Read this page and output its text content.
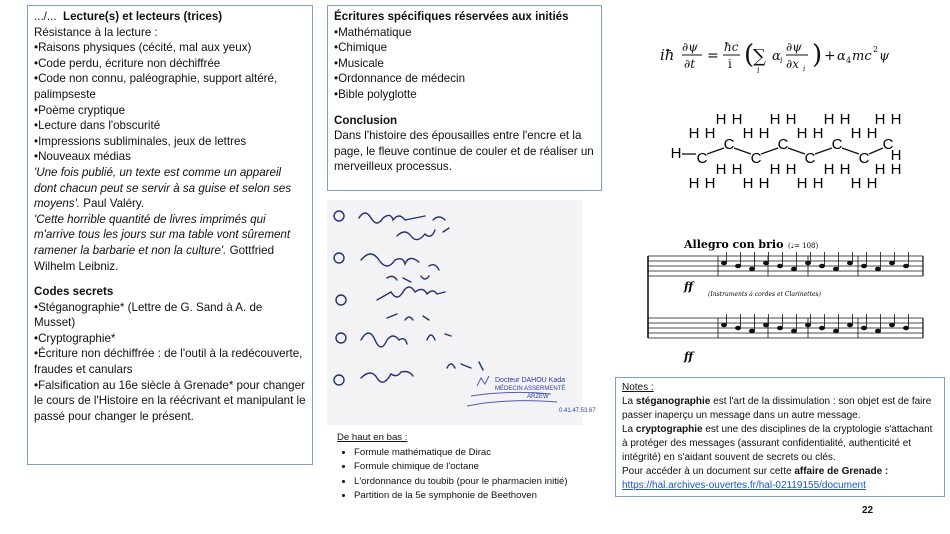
.../... Lecture(s) et lecteurs (trices)
Résistance à la lecture :
• Raisons physiques (cécité, mal aux yeux)
• Code perdu, écriture non déchiffrée
• Code non connu, paléographie, support altéré, palimpseste
• Poème cryptique
• Lecture dans l'obscurité
• Impressions subliminales, jeux de lettres
• Nouveaux médias
'Une fois publié, un texte est comme un appareil dont chacun peut se servir à sa guise et selon ses moyens'. Paul Valéry.
'Cette horrible quantité de livres imprimés qui m'arrive tous les jours sur ma table vont sûrement ramener la barbarie et non la culture'. Gottfried Wilhelm Leibniz.
Codes secrets
• Stéganographie* (Lettre de G. Sand à A. de Musset)
• Cryptographie*
• Écriture non déchiffrée : de l'outil à la redécouverte, fraudes et canulars
• Falsification au 16e siècle à Grenade* pour changer le cours de l'Histoire en la réécrivant et manipulant le passé pour changer le présent.
Écritures spécifiques réservées aux initiés
• Mathématique
• Chimique
• Musicale
• Ordonnance de médecin
• Bible polyglotte
Conclusion
Dans l'histoire des épousailles entre l'encre et la page, le fleuve continue de couler et de réaliser un merveilleux processus.
Docteur DAHOU Kada
MÉDECIN ASSERMENTÉ
ARZEW
0.41.47.53.67
De haut en bas :
• Formule mathématique de Dirac
• Formule chimique de l'octane
• L'ordonnance du toubib (pour le pharmacien initié)
• Partition de la 5e symphonie de Beethoven
iħ ∂ψ
∂t =
ħc
i (
∑
i
α i
∂ψ
∂x i ) + α 4 mc 2 ψ
H C
H H
H H
C
H H
H H
C
H H
H H
C
H H
H H
C
H H
H H
C
H H
H H
C
H H
H H
C
H H
H H
H
Allegro con brio (♩= 108)
(Instruments à cordes et Clarinettes)
ff
ff
Notes :
La stéganographie est l'art de la dissimulation : son objet est de faire passer inaperçu un message dans un autre message.
La cryptographie est une des disciplines de la cryptologie s'attachant à protéger des messages (assurant confidentialité, authenticité et intégrité) en s'aidant souvent de secrets ou clés.
Pour accéder à un document sur cette affaire de Grenade :
https://hal.archives-ouvertes.fr/hal-02119155/document
22
